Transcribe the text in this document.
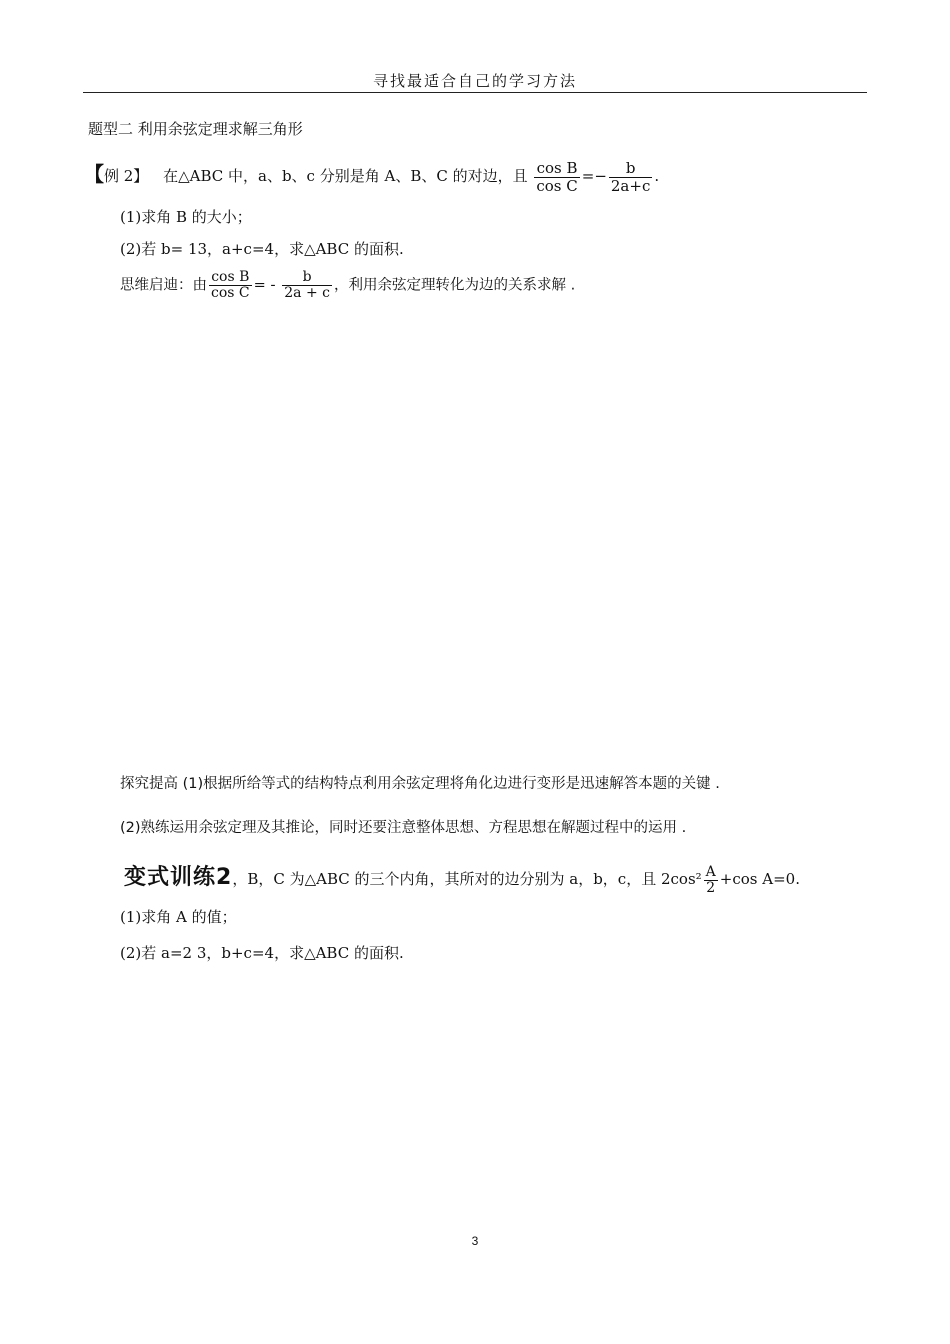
寻找最适合自己的学习方法
题型二 利用余弦定理求解三角形
【例 2】 在△ABC 中，a、b、c 分别是角 A、B、C 的对边，且 $\frac{\text{cos B}}{\text{cos C}} =- \frac{b}{2a+c}$ .
(1)求角 B 的大小；
(2)若 b= 13，a+c=4，求△ABC 的面积.
思维启迪：由 $\frac{\text{cos B}}{\text{cos C}}$ = - $\frac{b}{2a + c}$ ，利用余弦定理转化为边的关系求解 .
探究提高 (1)根据所给等式的结构特点利用余弦定理将角化边进行变形是迅速解答本题的关键 .
(2)熟练运用余弦定理及其推论，同时还要注意整体思想、方程思想在解题过程中的运用 .
变式训练2，B，C 为△ABC 的三个内角，其所对的边分别为 a，b，c，且 $2\cos^2 \frac{A}{2} +\cos$ A=0.
(1)求角 A 的值；
(2)若 a=2 3，b+c=4，求△ABC 的面积.
3
